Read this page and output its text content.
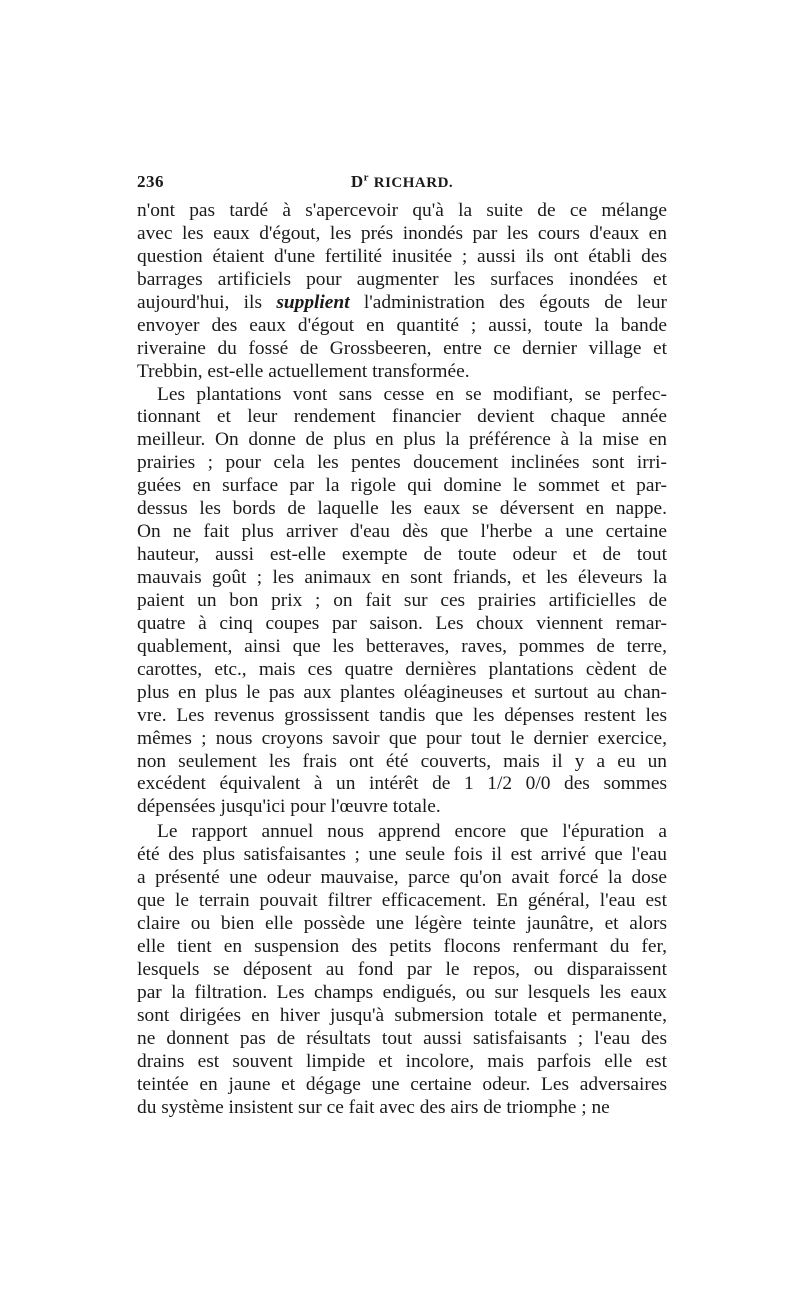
236	$D^r$ RICHARD.
n'ont pas tardé à s'apercevoir qu'à la suite de ce mélange
avec les eaux d'égout, les prés inondés par les cours d'eaux en
question étaient d'une fertilité inusitée ; aussi ils ont établi des
barrages artificiels pour augmenter les surfaces inondées et
aujourd'hui, ils supplient l'administration des égouts de leur
envoyer des eaux d'égout en quantité ; aussi, toute la bande
riveraine du fossé de Grossbeeren, entre ce dernier village et
Trebbin, est-elle actuellement transformée.
Les plantations vont sans cesse en se modifiant, se perfec-
tionnant et leur rendement financier devient chaque année
meilleur. On donne de plus en plus la préférence à la mise en
prairies ; pour cela les pentes doucement inclinées sont irri-
guées en surface par la rigole qui domine le sommet et par-
dessus les bords de laquelle les eaux se déversent en nappe.
On ne fait plus arriver d'eau dès que l'herbe a une certaine
hauteur, aussi est-elle exempte de toute odeur et de tout
mauvais goût ; les animaux en sont friands, et les éleveurs la
paient un bon prix ; on fait sur ces prairies artificielles de
quatre à cinq coupes par saison. Les choux viennent remar-
quablement, ainsi que les betteraves, raves, pommes de terre,
carottes, etc., mais ces quatre dernières plantations cèdent de
plus en plus le pas aux plantes oléagineuses et surtout au chan-
vre. Les revenus grossissent tandis que les dépenses restent les
mêmes ; nous croyons savoir que pour tout le dernier exercice,
non seulement les frais ont été couverts, mais il y a eu un
excédent équivalent à un intérêt de 1 1/2 0/0 des sommes
dépensées jusqu'ici pour l'œuvre totale.
Le rapport annuel nous apprend encore que l'épuration a
été des plus satisfaisantes ; une seule fois il est arrivé que l'eau
a présenté une odeur mauvaise, parce qu'on avait forcé la dose
que le terrain pouvait filtrer efficacement. En général, l'eau est
claire ou bien elle possède une légère teinte jaunâtre, et alors
elle tient en suspension des petits flocons renfermant du fer,
lesquels se déposent au fond par le repos, ou disparaissent
par la filtration. Les champs endigués, ou sur lesquels les eaux
sont dirigées en hiver jusqu'à submersion totale et permanente,
ne donnent pas de résultats tout aussi satisfaisants ; l'eau des
drains est souvent limpide et incolore, mais parfois elle est
teintée en jaune et dégage une certaine odeur. Les adversaires
du système insistent sur ce fait avec des airs de triomphe ; ne
